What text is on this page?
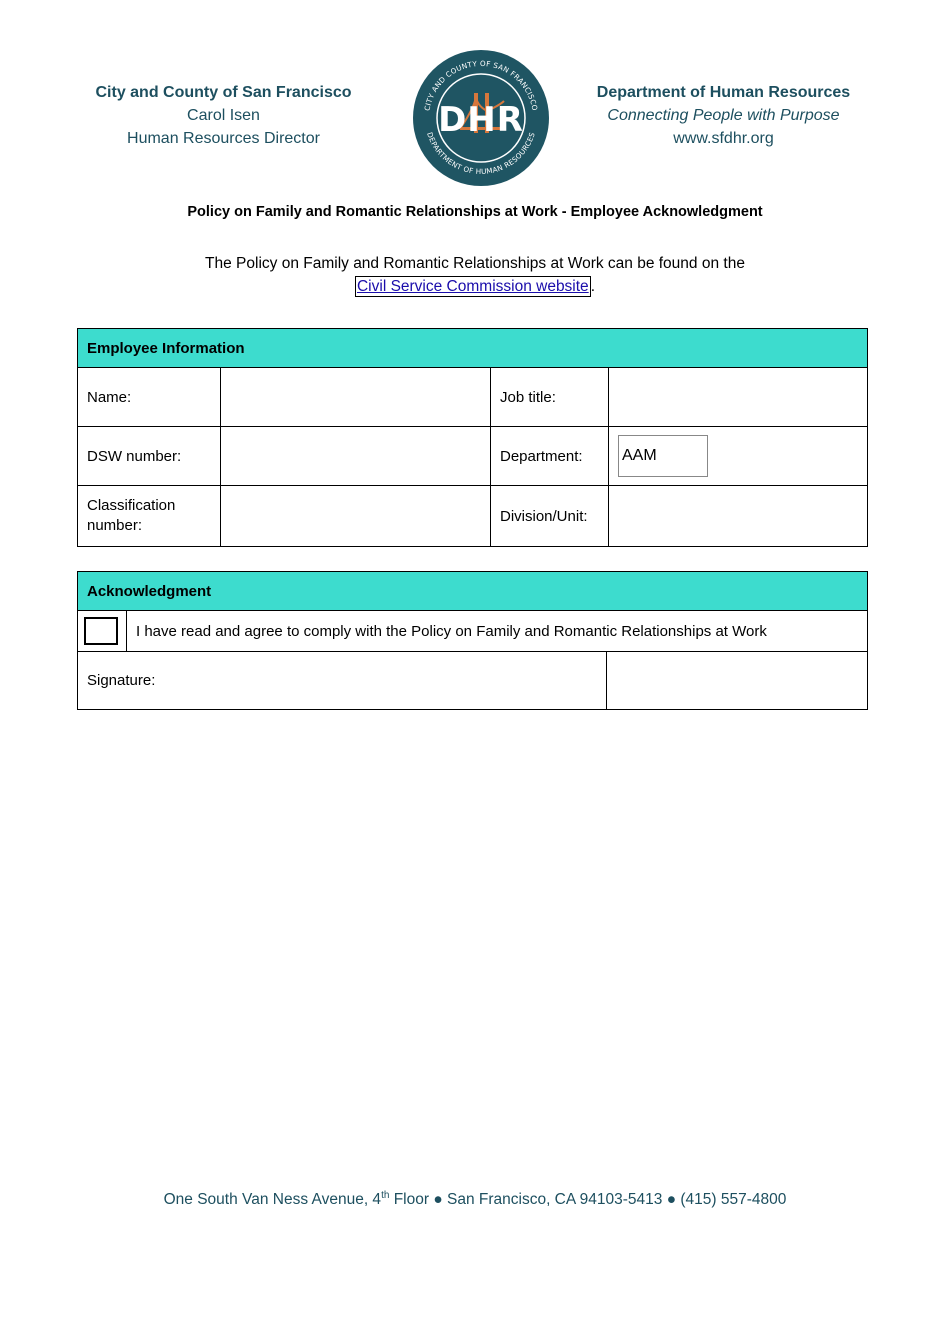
City and County of San Francisco
Carol Isen
Human Resources Director
CITY AND COUNTY OF SAN FRANCISCO
DEPARTMENT OF HUMAN RESOURCES
DHR
Department of Human Resources
Connecting People with Purpose
www.sfdhr.org
Policy on Family and Romantic Relationships at Work - Employee Acknowledgment
The Policy on Family and Romantic Relationships at Work can be found on the
Civil Service Commission website .
Employee Information			
Name:		Job title:	
DSW number:		Department:	AAM

Classification
number:		Division/Unit:	
Acknowledgment		

	I have read and agree to comply with the Policy on Family and Romantic Relationships at Work	
Signature:		
One South Van Ness Avenue, 4th Floor ● San Francisco, CA 94103-5413 ● (415) 557-4800
